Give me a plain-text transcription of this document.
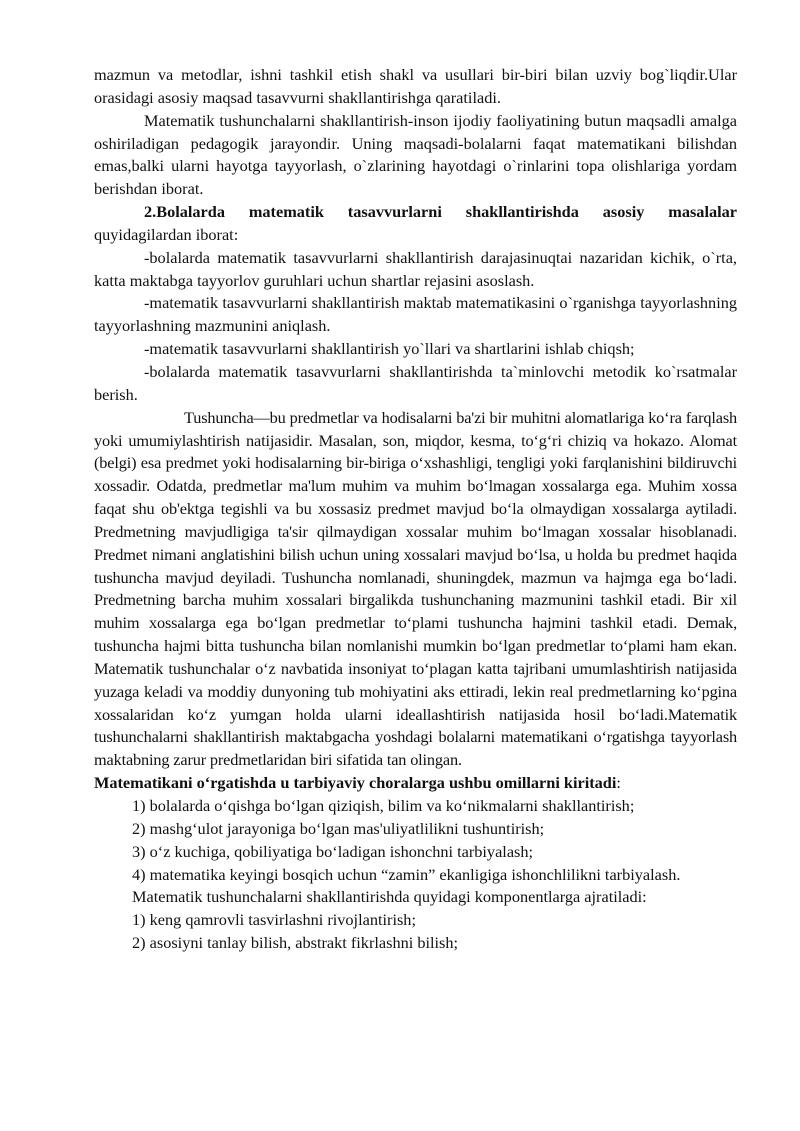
mazmun va metodlar, ishni tashkil etish shakl va usullari bir-biri bilan uzviy bog`liqdir.Ular orasidagi asosiy maqsad tasavvurni shakllantirishga qaratiladi.

Matematik tushunchalarni shakllantirish-inson ijodiy faoliyatining butun maqsadli amalga oshiriladigan pedagogik jarayondir. Uning maqsadi-bolalarni faqat matematikani bilishdan emas,balki ularni hayotga tayyorlash, o`zlarining hayotdagi o`rinlarini topa olishlariga yordam berishdan iborat.

2.Bolalarda matematik tasavvurlarni shakllantirishda asosiy masalalar quyidagilardan iborat:

-bolalarda matematik tasavvurlarni shakllantirish darajasinuqtai nazaridan kichik, o`rta, katta maktabga tayyorlov guruhlari uchun shartlar rejasini asoslash.

-matematik tasavvurlarni shakllantirish maktab matematikasini o`rganishga tayyorlashning tayyorlashning mazmunini aniqlash.

-matematik tasavvurlarni shakllantirish yo`llari va shartlarini ishlab chiqsh;

-bolalarda matematik tasavvurlarni shakllantirishda ta`minlovchi metodik ko`rsatmalar berish.

Tushuncha—bu predmetlar va hodisalarni ba'zi bir muhitni alomatlariga koʻra farqlash yoki umumiylashtirish natijasidir. Masalan, son, miqdor, kesma, toʻgʻri chiziq va hokazo. Alomat (belgi) esa predmet yoki hodisalarning bir-biriga oʻxshashligi, tengligi yoki farqlanishini bildiruvchi xossadir. Odatda, predmetlar ma'lum muhim va muhim boʻlmagan xossalarga ega. Muhim xossa faqat shu ob'ektga tegishli va bu xossasiz predmet mavjud boʻla olmaydigan xossalarga aytiladi. Predmetning mavjudligiga ta'sir qilmaydigan xossalar muhim boʻlmagan xossalar hisoblanadi. Predmet nimani anglatishini bilish uchun uning xossalari mavjud boʻlsa, u holda bu predmet haqida tushuncha mavjud deyiladi. Tushuncha nomlanadi, shuningdek, mazmun va hajmga ega boʻladi. Predmetning barcha muhim xossalari birgalikda tushunchaning mazmunini tashkil etadi. Bir xil muhim xossalarga ega boʻlgan predmetlar toʻplami tushuncha hajmini tashkil etadi. Demak, tushuncha hajmi bitta tushuncha bilan nomlanishi mumkin boʻlgan predmetlar toʻplami ham ekan. Matematik tushunchalar oʻz navbatida insoniyat toʻplagan katta tajribani umumlashtirish natijasida yuzaga keladi va moddiy dunyoning tub mohiyatini aks ettiradi, lekin real predmetlarning koʻpgina xossalaridan koʻz yumgan holda ularni ideallashtirish natijasida hosil boʻladi.Matematik tushunchalarni shakllantirish maktabgacha yoshdagi bolalarni matematikani oʻrgatishga tayyorlash maktabning zarur predmetlaridan biri sifatida tan olingan.

Matematikani oʻrgatishda u tarbiyaviy choralarga ushbu omillarni kiritadi:

1) bolalarda oʻqishga boʻlgan qiziqish, bilim va koʻnikmalarni shakllantirish;

2) mashgʻulot jarayoniga boʻlgan mas'uliyatlilikni tushuntirish;

3) oʻz kuchiga, qobiliyatiga boʻladigan ishonchni tarbiyalash;

4) matematika keyingi bosqich uchun “zamin” ekanligiga ishonchlilikni tarbiyalash.

Matematik tushunchalarni shakllantirishda quyidagi komponentlarga ajratiladi:

1) keng qamrovli tasvirlashni rivojlantirish;

2) asosiyni tanlay bilish, abstrakt fikrlashni bilish;
